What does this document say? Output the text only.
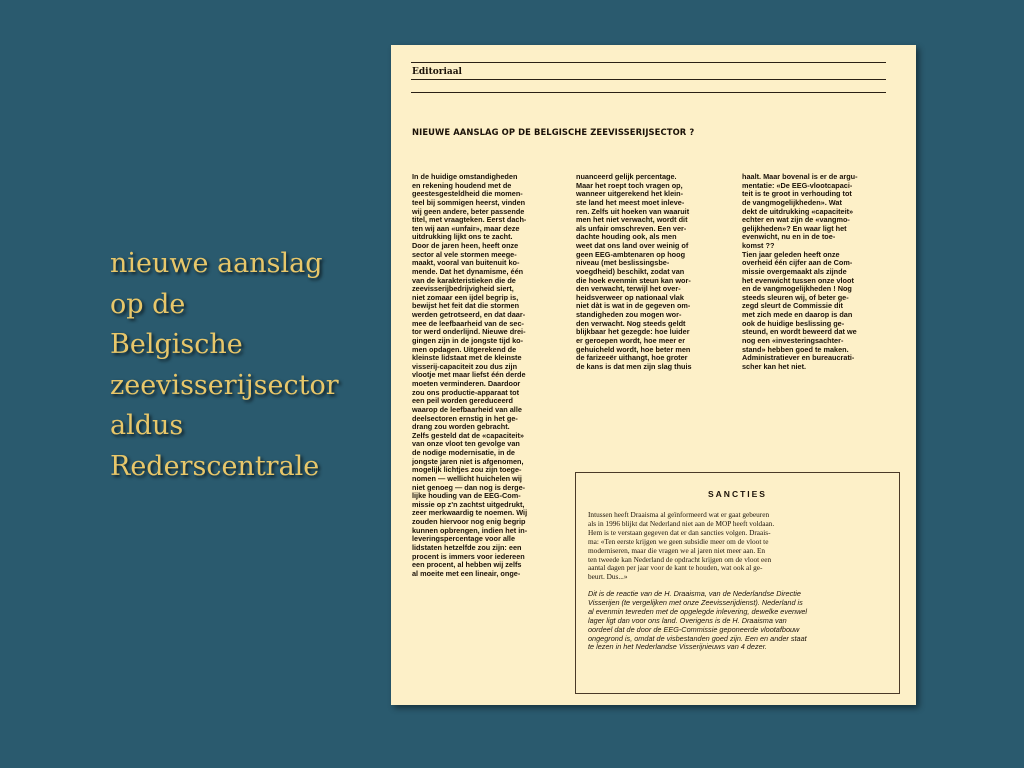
nieuwe aanslag
op de
Belgische
zeevisserijsector
aldus
Rederscentrale
Editoriaal
NIEUWE AANSLAG OP DE BELGISCHE ZEEVISSERIJSECTOR ?
In de huidige omstandigheden
en rekening houdend met de
geestesgesteldheid die momen-
teel bij sommigen heerst, vinden
wij geen andere, beter passende
titel, met vraagteken. Eerst dach-
ten wij aan «unfair», maar deze
uitdrukking lijkt ons te zacht.
Door de jaren heen, heeft onze
sector al vele stormen meege-
maakt, vooral van buitenuit ko-
mende. Dat het dynamisme, één
van de karakteristieken die de
zeevisserijbedrijvigheid siert,
niet zomaar een ijdel begrip is,
bewijst het feit dat die stormen
werden getrotseerd, en dat daar-
mee de leefbaarheid van de sec-
tor werd onderlijnd. Nieuwe drei-
gingen zijn in de jongste tijd ko-
men opdagen. Uitgerekend de
kleinste lidstaat met de kleinste
visserij-capaciteit zou dus zijn
vlootje met maar liefst één derde
moeten verminderen. Daardoor
zou ons productie-apparaat tot
een peil worden gereduceerd
waarop de leefbaarheid van alle
deelsectoren ernstig in het ge-
drang zou worden gebracht.
Zelfs gesteld dat de «capaciteit»
van onze vloot ten gevolge van
de nodige modernisatie, in de
jongste jaren niet is afgenomen,
mogelijk lichtjes zou zijn toege-
nomen — wellicht huichelen wij
niet genoeg — dan nog is derge-
lijke houding van de EEG-Com-
missie op z'n zachtst uitgedrukt,
zeer merkwaardig te noemen. Wij
zouden hiervoor nog enig begrip
kunnen opbrengen, indien het in-
leveringspercentage voor alle
lidstaten hetzelfde zou zijn: een
procent is immers voor iedereen
een procent, al hebben wij zelfs
al moeite met een lineair, onge-
nuanceerd gelijk percentage.
Maar het roept toch vragen op,
wanneer uitgerekend het klein-
ste land het meest moet inleve-
ren. Zelfs uit hoeken van waaruit
men het niet verwacht, wordt dit
als unfair omschreven. Een ver-
dachte houding ook, als men
weet dat ons land over weinig of
geen EEG-ambtenaren op hoog
niveau (met beslissingsbe-
voegdheid) beschikt, zodat van
die hoek evenmin steun kan wor-
den verwacht, terwijl het over-
heidsverweer op nationaal vlak
niet dàt is wat in de gegeven om-
standigheden zou mogen wor-
den verwacht. Nog steeds geldt
blijkbaar het gezegde: hoe luider
er geroepen wordt, hoe meer er
gehuicheld wordt, hoe beter men
de farizeeër uithangt, hoe groter
de kans is dat men zijn slag thuis
haalt. Maar bovenal is er de argu-
mentatie: «De EEG-vlootcapaci-
teit is te groot in verhouding tot
de vangmogelijkheden». Wat
dekt de uitdrukking «capaciteit»
echter en wat zijn de «vangmo-
gelijkheden»? En waar ligt het
evenwicht, nu en in de toe-
komst ??
Tien jaar geleden heeft onze
overheid één cijfer aan de Com-
missie overgemaakt als zijnde
het evenwicht tussen onze vloot
en de vangmogelijkheden ! Nog
steeds sleuren wij, of beter ge-
zegd sleurt de Commissie dit
met zich mede en daarop is dan
ook de huidige beslissing ge-
steund, en wordt beweerd dat we
nog een «investeringsachter-
stand» hebben goed te maken.
Administratiever en bureaucrati-
scher kan het niet.
SANCTIES
Intussen heeft Draaisma al geïnformeerd wat er gaat gebeuren
als in 1996 blijkt dat Nederland niet aan de MOP heeft voldaan.
Hem is te verstaan gegeven dat er dan sancties volgen. Draais-
ma: «Ten eerste krijgen we geen subsidie meer om de vloot te
moderniseren, maar die vragen we al jaren niet meer aan. En
ten tweede kan Nederland de opdracht krijgen om de vloot een
aantal dagen per jaar voor de kant te houden, wat ook al ge-
beurt. Dus...»
Dit is de reactie van de H. Draaisma, van de Nederlandse Directie
Visserijen (te vergelijken met onze Zeevisserijdienst). Nederland is
al evenmin tevreden met de opgelegde inlevering, dewelke evenwel
lager ligt dan voor ons land. Overigens is de H. Draaisma van
oordeel dat de door de EEG-Commissie geponeerde vlootafbouw
ongegrond is, omdat de visbestanden goed zijn. Een en ander staat
te lezen in het Nederlandse Visserijnieuws van 4 dezer.
